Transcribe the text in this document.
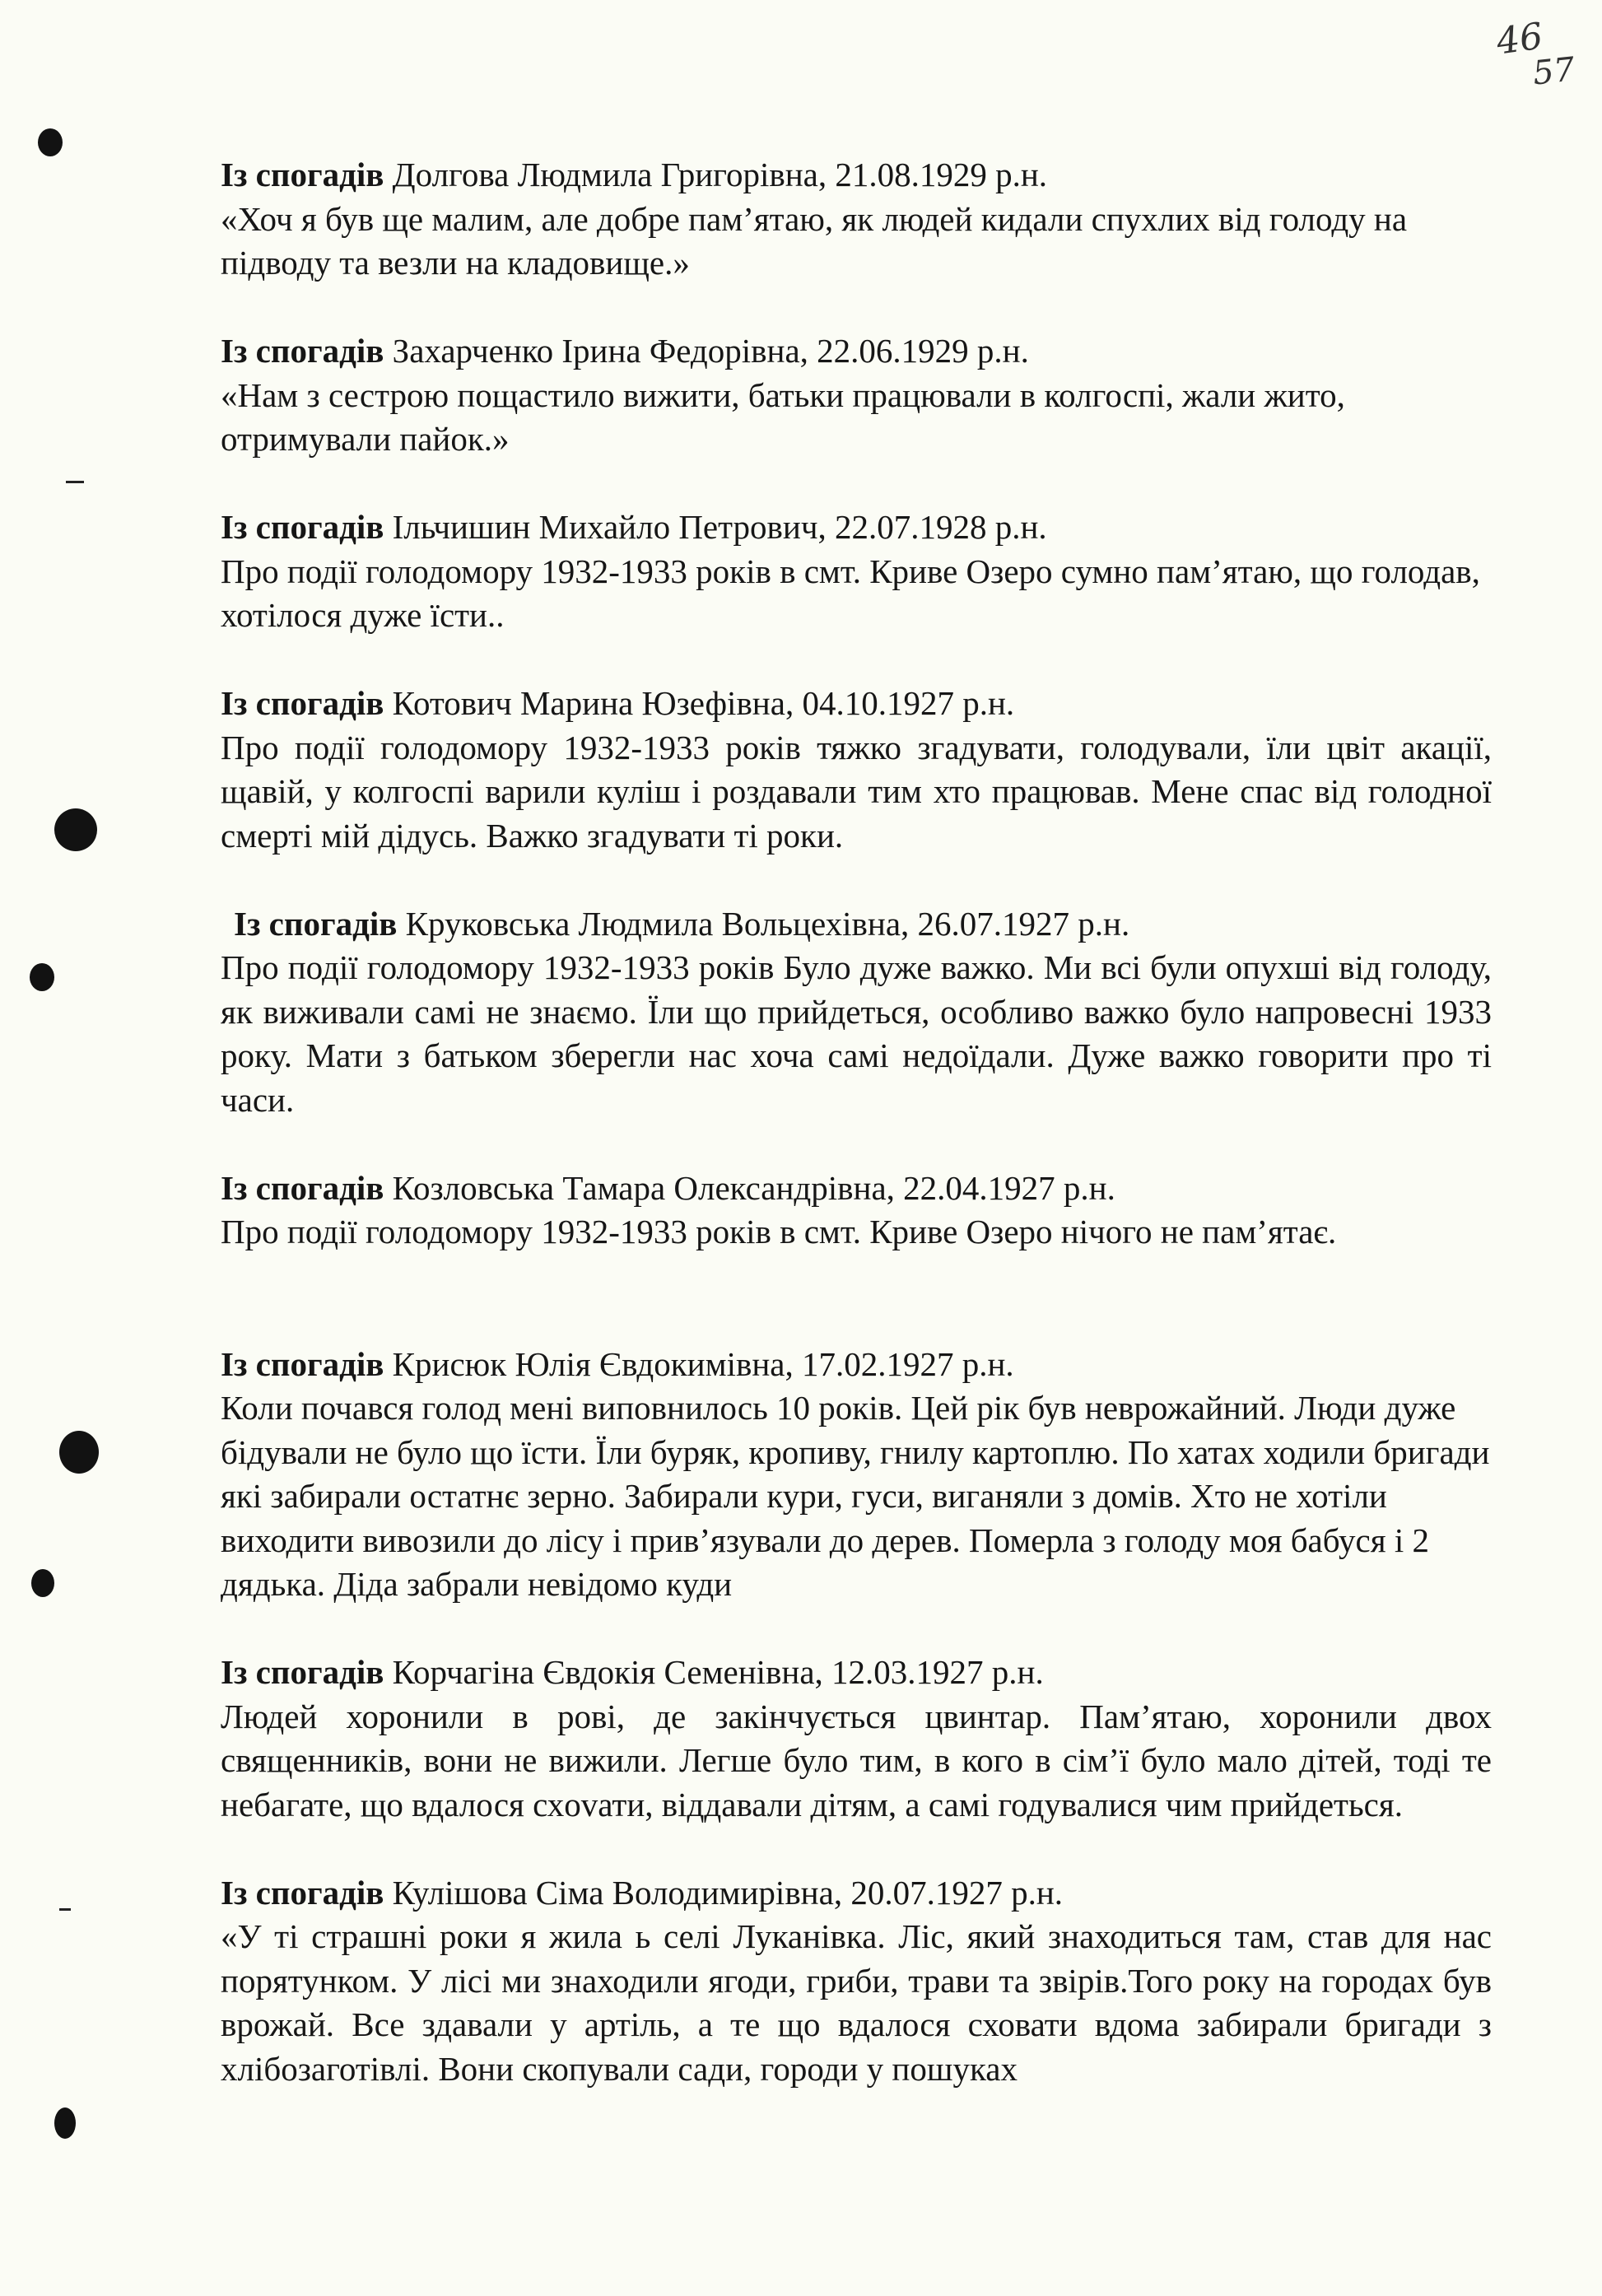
46
57
Із спогадів Долгова Людмила Григорівна, 21.08.1929 р.н.
«Хоч я був ще малим, але добре пам’ятаю, як людей кидали спухлих від голоду на підводу та везли на кладовище.»
Із спогадів Захарченко Ірина Федорівна, 22.06.1929 р.н.
«Нам з сестрою пощастило вижити, батьки працювали в колгоспі, жали жито, отримували пайок.»
Із спогадів Ільчишин Михайло Петрович, 22.07.1928 р.н.
Про події голодомору 1932-1933 років в смт. Криве Озеро сумно пам’ятаю, що голодав, хотілося дуже їсти..
Із спогадів Котович Марина Юзефівна, 04.10.1927 р.н.
Про події голодомору 1932-1933 років тяжко згадувати, голодували, їли цвіт акації, щавій, у колгоспі варили куліш і роздавали тим хто працював. Мене спас від голодної смерті мій дідусь. Важко згадувати ті роки.
Із спогадів Круковська Людмила Вольцехівна, 26.07.1927 р.н.
Про події голодомору 1932-1933 років Було дуже важко. Ми всі були опухші від голоду, як виживали самі не знаємо. Їли що прийдеться, особливо важко було напровесні 1933 року. Мати з батьком зберегли нас хоча самі недоїдали. Дуже важко говорити про ті часи.
Із спогадів Козловська Тамара Олександрівна, 22.04.1927 р.н.
Про події голодомору 1932-1933 років в смт. Криве Озеро нічого не пам’ятає.
Із спогадів Крисюк Юлія Євдокимівна, 17.02.1927 р.н.
Коли почався голод мені виповнилось 10 років. Цей рік був неврожайний. Люди дуже бідували не було що їсти. Їли буряк, кропиву, гнилу картоплю. По хатах ходили бригади які забирали остатнє зерно. Забирали кури, гуси, виганяли з домів. Хто не хотіли виходити вивозили до лісу і прив’язували до дерев. Померла з голоду моя бабуся і 2 дядька. Діда забрали невідомо куди
Із спогадів Корчагіна Євдокія Семенівна, 12.03.1927 р.н.
Людей хоронили в рові, де закінчується цвинтар. Пам’ятаю, хоронили двох священників, вони не вижили. Легше було тим, в кого в сім’ї було мало дітей, тоді те небагате, що вдалося схovати, віддавали дітям, а самі годувалися чим прийдеться.
Із спогадів Кулішова Сіма Володимирівна, 20.07.1927 р.н.
«У ті страшні роки я жила ь селі Луканівка. Ліс, який знаходиться там, став для нас порятунком. У лісі ми знаходили ягоди, гриби, трави та звірів.Того року на городах був врожай. Все здавали у артіль, а те що вдалося сховати вдома забирали бригади з хлібозаготівлі. Вони скопували сади, городи у пошуках
